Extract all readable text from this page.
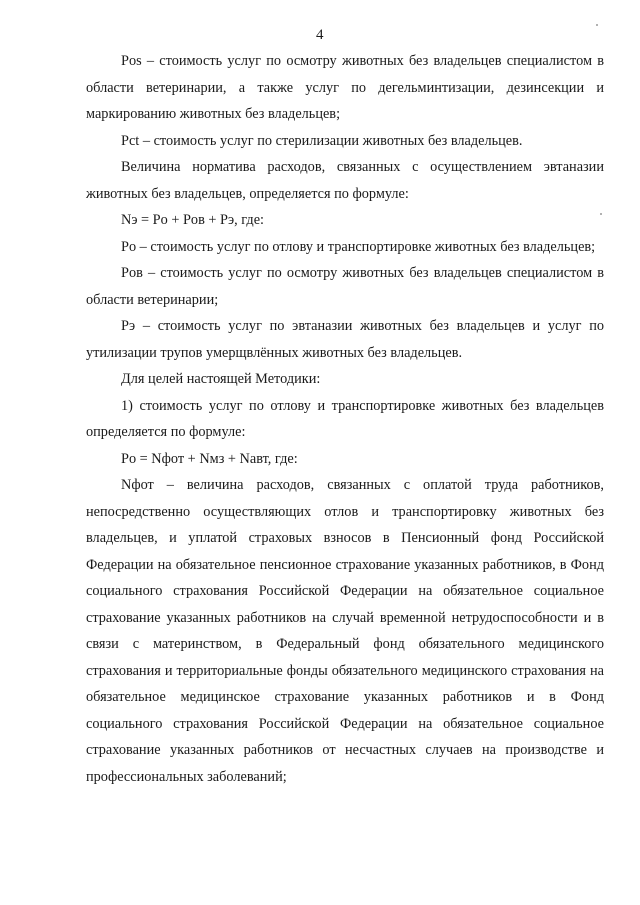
4

Pos – стоимость услуг по осмотру животных без владельцев специалистом в области ветеринарии, а также услуг по дегельминтизации, дезинсекции и маркированию животных без владельцев;

Pct – стоимость услуг по стерилизации животных без владельцев.

Величина норматива расходов, связанных с осуществлением эвтаназии животных без владельцев, определяется по формуле:

Nэ = Po + Pов + Pэ, где:

Po – стоимость услуг по отлову и транспортировке животных без владельцев;

Pов – стоимость услуг по осмотру животных без владельцев специалистом в области ветеринарии;

Pэ – стоимость услуг по эвтаназии животных без владельцев и услуг по утилизации трупов умерщвлённых животных без владельцев.

Для целей настоящей Методики:

1) стоимость услуг по отлову и транспортировке животных без владельцев определяется по формуле:

Po = Nфот + Nмз + Nавт, где:

Nфот – величина расходов, связанных с оплатой труда работников, непосредственно осуществляющих отлов и транспортировку животных без владельцев, и уплатой страховых взносов в Пенсионный фонд Российской Федерации на обязательное пенсионное страхование указанных работников, в Фонд социального страхования Российской Федерации на обязательное социальное страхование указанных работников на случай временной нетрудоспособности и в связи с материнством, в Федеральный фонд обязательного медицинского страхования и территориальные фонды обязательного медицинского страхования на обязательное медицинское страхование указанных работников и в Фонд социального страхования Российской Федерации на обязательное социальное страхование указанных работников от несчастных случаев на производстве и профессиональных заболеваний;
